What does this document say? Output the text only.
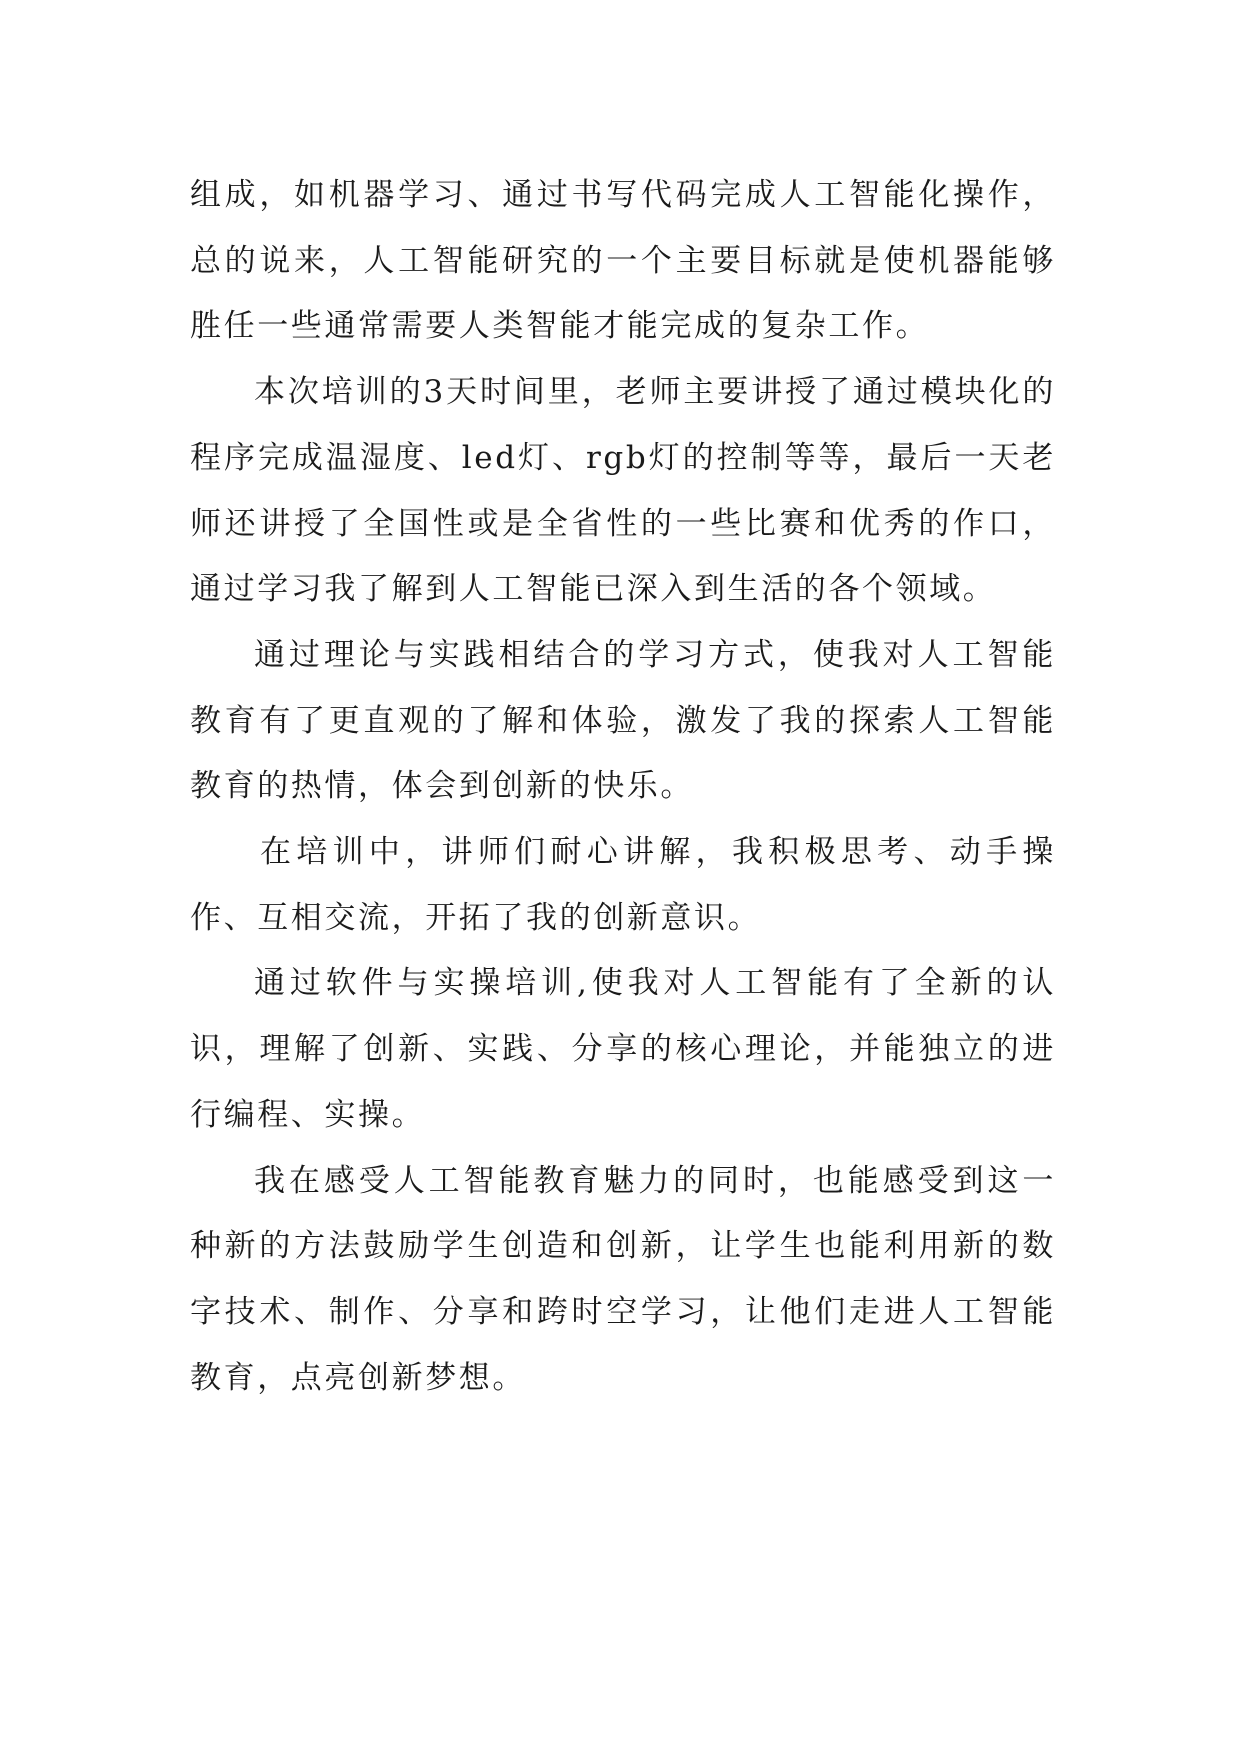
组成，如机器学习、通过书写代码完成人工智能化操作，总的说来，人工智能研究的一个主要目标就是使机器能够胜任一些通常需要人类智能才能完成的复杂工作。

本次培训的3天时间里，老师主要讲授了通过模块化的程序完成温湿度、led灯、rgb灯的控制等等，最后一天老师还讲授了全国性或是全省性的一些比赛和优秀的作口，通过学习我了解到人工智能已深入到生活的各个领域。

通过理论与实践相结合的学习方式，使我对人工智能教育有了更直观的了解和体验，激发了我的探索人工智能教育的热情，体会到创新的快乐。

在培训中，讲师们耐心讲解，我积极思考、动手操作、互相交流，开拓了我的创新意识。

通过软件与实操培训,使我对人工智能有了全新的认识，理解了创新、实践、分享的核心理论，并能独立的进行编程、实操。

我在感受人工智能教育魅力的同时，也能感受到这一种新的方法鼓励学生创造和创新，让学生也能利用新的数字技术、制作、分享和跨时空学习，让他们走进人工智能教育，点亮创新梦想。
